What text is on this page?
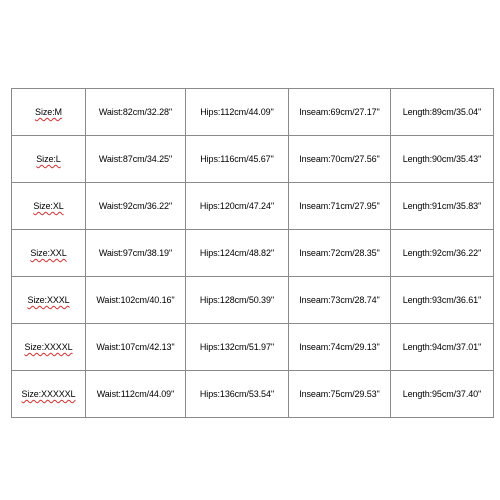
Size:M	Waist:82cm/32.28''	Hips:112cm/44.09''	Inseam:69cm/27.17''	Length:89cm/35.04''
Size:L	Waist:87cm/34.25''	Hips:116cm/45.67''	Inseam:70cm/27.56''	Length:90cm/35.43''
Size:XL	Waist:92cm/36.22''	Hips:120cm/47.24''	Inseam:71cm/27.95''	Length:91cm/35.83''
Size:XXL	Waist:97cm/38.19''	Hips:124cm/48.82''	Inseam:72cm/28.35''	Length:92cm/36.22''
Size:XXXL	Waist:102cm/40.16''	Hips:128cm/50.39''	Inseam:73cm/28.74''	Length:93cm/36.61''
Size:XXXXL	Waist:107cm/42.13''	Hips:132cm/51.97''	Inseam:74cm/29.13''	Length:94cm/37.01''
Size:XXXXXL	Waist:112cm/44.09''	Hips:136cm/53.54''	Inseam:75cm/29.53''	Length:95cm/37.40''
